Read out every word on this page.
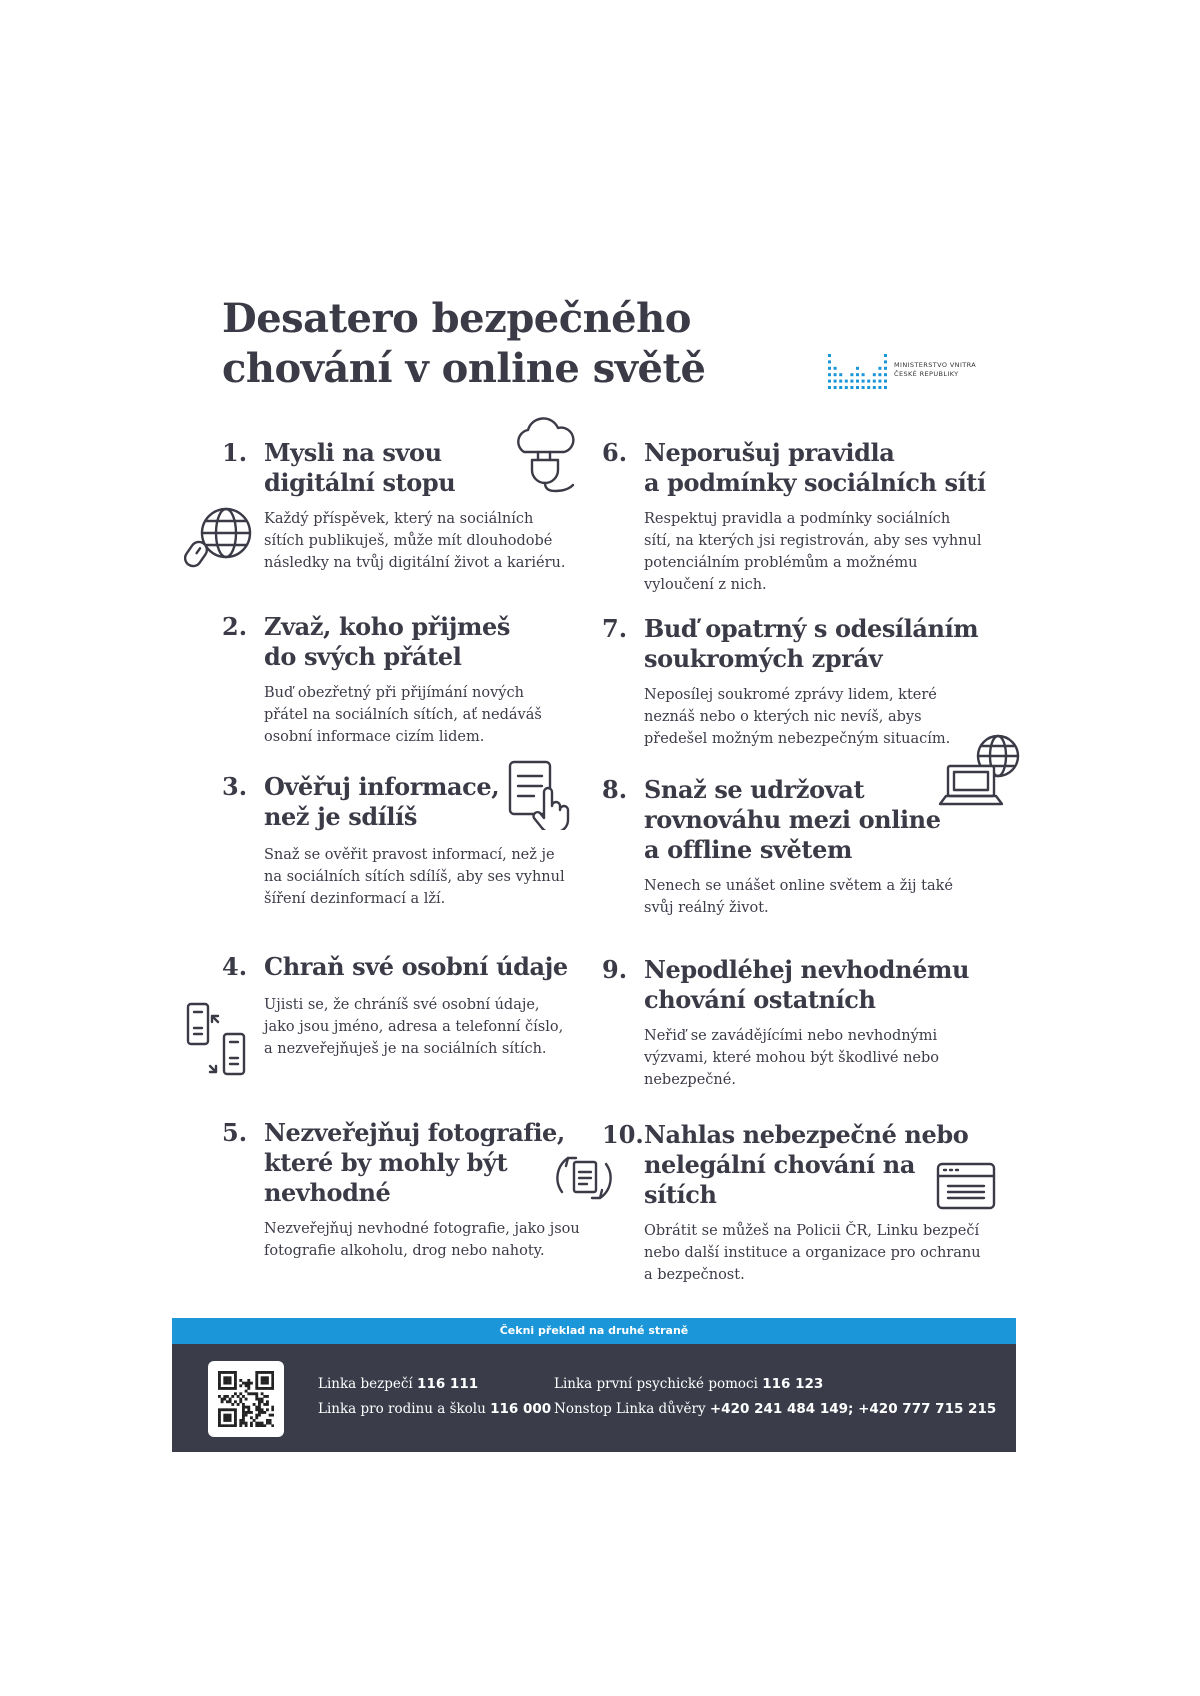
Desatero bezpečného
chování v online světě	MINISTERSTVO VNITRA
ČESKÉ REPUBLIKY
1. Mysli na svou
digitální stopu
Každý příspěvek, který na sociálních
sítích publikuješ, může mít dlouhodobé
následky na tvůj digitální život a kariéru.
2. Zvaž, koho přijmeš
do svých přátel
Buď obezřetný při přijímání nových
přátel na sociálních sítích, ať nedáváš
osobní informace cizím lidem.
3. Ověřuj informace,
než je sdílíš
Snaž se ověřit pravost informací, než je
na sociálních sítích sdílíš, aby ses vyhnul
šíření dezinformací a lží.
4. Chraň své osobní údaje
Ujisti se, že chráníš své osobní údaje,
jako jsou jméno, adresa a telefonní číslo,
a nezveřejňuješ je na sociálních sítích.
5. Nezveřejňuj fotografie,
které by mohly být
nevhodné
Nezveřejňuj nevhodné fotografie, jako jsou
fotografie alkoholu, drog nebo nahoty.
6. Neporušuj pravidla
a podmínky sociálních sítí
Respektuj pravidla a podmínky sociálních
sítí, na kterých jsi registrován, aby ses vyhnul
potenciálním problémům a možnému
vyloučení z nich.
7. Buď opatrný s odesíláním
soukromých zpráv
Neposílej soukromé zprávy lidem, které
neznáš nebo o kterých nic nevíš, abys
předešel možným nebezpečným situacím.
8. Snaž se udržovat
rovnováhu mezi online
a offline světem
Nenech se unášet online světem a žij také
svůj reálný život.
9. Nepodléhej nevhodnému
chování ostatních
Neřiď se zavádějícími nebo nevhodnými
výzvami, které mohou být škodlivé nebo
nebezpečné.
10. Nahlas nebezpečné nebo
nelegální chování na
sítích
Obrátit se můžeš na Policii ČR, Linku bezpečí
nebo další instituce a organizace pro ochranu
a bezpečnost.
Čekni překlad na druhé straně
Linka bezpečí 116 111
Linka pro rodinu a školu 116 000
Linka první psychické pomoci 116 123
Nonstop Linka důvěry +420 241 484 149; +420 777 715 215
